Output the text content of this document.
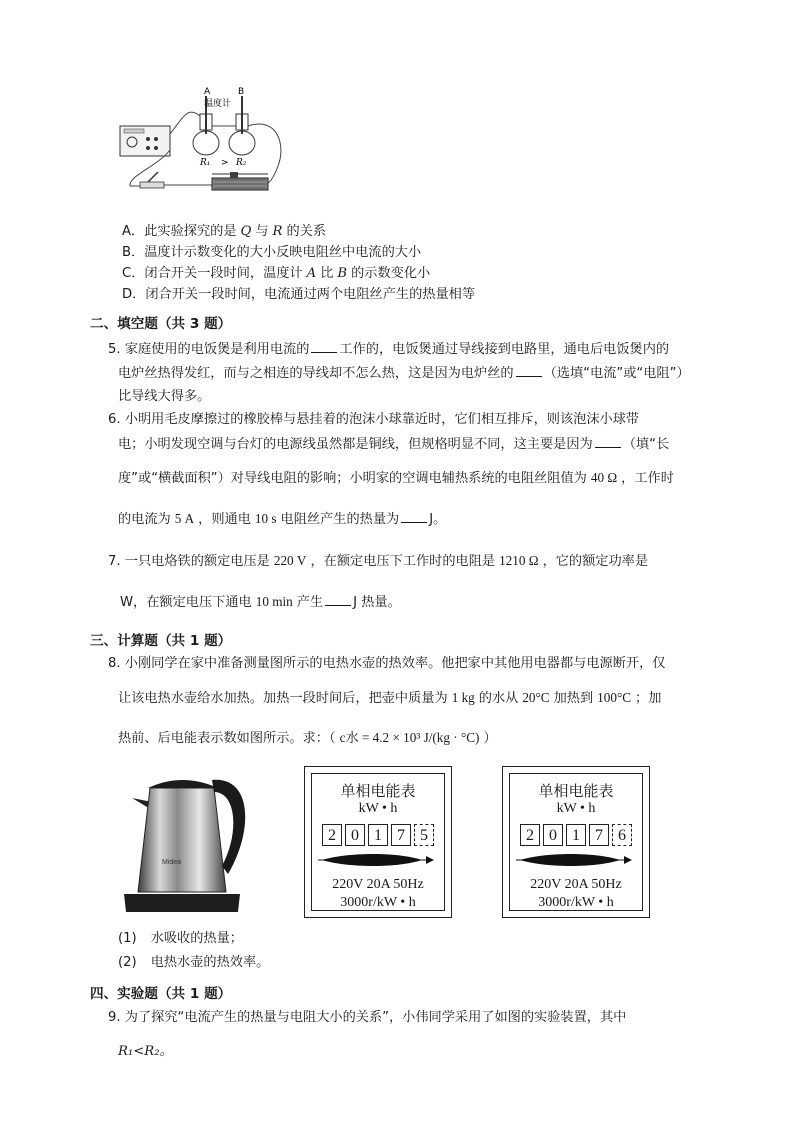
A	B
温度计
R₁ > R₂
A．此实验探究的是 Q 与 R 的关系
B．温度计示数变化的大小反映电阻丝中电流的大小
C．闭合开关一段时间，温度计 A 比 B 的示数变化小
D．闭合开关一段时间，电流通过两个电阻丝产生的热量相等
二、填空题（共 3 题）
5. 家庭使用的电饭煲是利用电流的 工作的，电饭煲通过导线接到电路里，通电后电饭煲内的
电炉丝热得发红，而与之相连的导线却不怎么热，这是因为电炉丝的 （选填“电流”或“电阻”）
比导线大得多。
6. 小明用毛皮摩擦过的橡胶棒与悬挂着的泡沫小球靠近时，它们相互排斥，则该泡沫小球带
电；小明发现空调与台灯的电源线虽然都是铜线，但规格明显不同，这主要是因为 （填“长
度”或“横截面积”）对导线电阻的影响；小明家的空调电辅热系统的电阻丝阻值为 40 Ω ，工作时
的电流为 5 A ，则通电 10 s 电阻丝产生的热量为 J。
7. 一只电烙铁的额定电压是 220 V ，在额定电压下工作时的电阻是 1210 Ω ，它的额定功率是
W，在额定电压下通电 10 min 产生 J 热量。
三、计算题（共 1 题）
8. 小刚同学在家中准备测量图所示的电热水壶的热效率。他把家中其他用电器都与电源断开，仅
让该电热水壶给水加热。加热一段时间后，把壶中质量为 1 kg 的水从 20°C 加热到 100°C ；加
热前、后电能表示数如图所示。求：（ c水 = 4.2 × 10³ J/(kg · °C) ）
Midea
单相电能表
kW • h
2 0 1 7 5
220V 20A 50Hz
3000r/kW • h
单相电能表
kW • h
2 0 1 7 6
220V 20A 50Hz
3000r/kW • h
(1) 水吸收的热量；
(2) 电热水壶的热效率。
四、实验题（共 1 题）
9. 为了探究“电流产生的热量与电阻大小的关系”，小伟同学采用了如图的实验装置，其中
R₁<R₂。
